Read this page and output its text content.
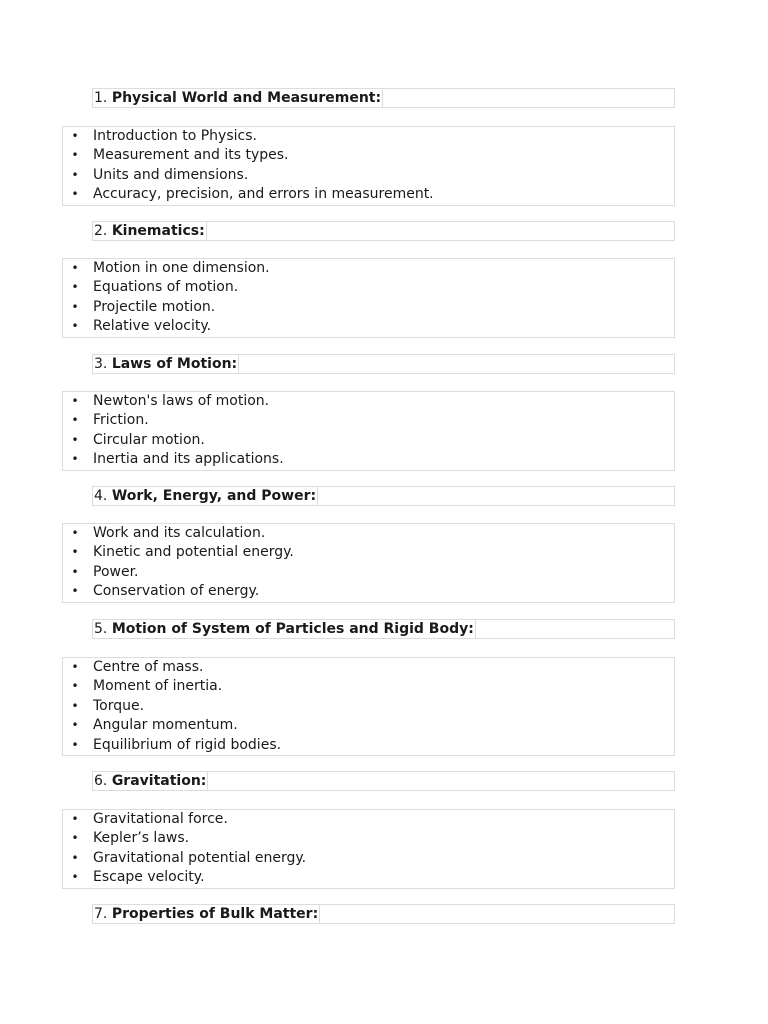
1. Physical World and Measurement:
• Introduction to Physics.
• Measurement and its types.
• Units and dimensions.
• Accuracy, precision, and errors in measurement.
2. Kinematics:
• Motion in one dimension.
• Equations of motion.
• Projectile motion.
• Relative velocity.
3. Laws of Motion:
• Newton's laws of motion.
• Friction.
• Circular motion.
• Inertia and its applications.
4. Work, Energy, and Power:
• Work and its calculation.
• Kinetic and potential energy.
• Power.
• Conservation of energy.
5. Motion of System of Particles and Rigid Body:
• Centre of mass.
• Moment of inertia.
• Torque.
• Angular momentum.
• Equilibrium of rigid bodies.
6. Gravitation:
• Gravitational force.
• Kepler’s laws.
• Gravitational potential energy.
• Escape velocity.
7. Properties of Bulk Matter:
